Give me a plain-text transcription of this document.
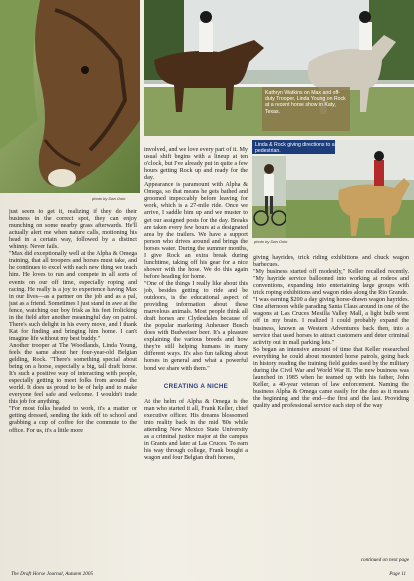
photo by Dan Ooio
Kathryn Watkins on Max and off-duty Trooper, Linda Young on Rock at a recent horse show in Katy, Texas.
Linda & Rock giving directions to a pedestrian.
photo by Dan Ooio

just seem to get it, realizing if they do their business in the correct spot, they can enjoy munching on some nearby grass afterwards. He'll actually alert me when nature calls, motioning his head in a certain way, followed by a distinct whinny. Never fails.
"Max did exceptionally well at the Alpha & Omega training, that all troopers and horses must take, and he continues to excel with each new thing we teach him. He loves to run and compete in all sorts of events on our off time, especially roping and racing. He really is a joy to experience having Max in our lives—as a partner on the job and as a pal, just as a friend. Sometimes I just stand in awe at the fence, watching our boy frisk as his feet frolicking in the field after another meaningful day on patrol. There's such delight in his every move, and I thank Kat for finding and bringing him home. I can't imagine life without my best buddy."
Another trooper at The Woodlands, Linda Young, feels the same about her four-year-old Belgian gelding, Rock. "There's something special about being on a horse, especially a big, tall draft horse. It's such a positive way of interacting with people, especially getting to meet folks from around the world. It does us proud to be of help and to make everyone feel safe and welcome. I wouldn't trade this job for anything.
"For most folks headed to work, it's a matter or getting dressed, sending the kids off to school and grabbing a cup of coffee for the commute to the office. For us, it's a little more

involved, and we love every part of it. My usual shift begins with a lineup at ten o'clock, but I've already put in quite a few hours getting Rock up and ready for the day.
Appearance is paramount with Alpha & Omega, so that means he gets bathed and groomed impeccably before leaving for work, which is a 27-mile ride. Once we arrive, I saddle him up and we muster to get our assigned posts for the day. Breaks are taken every few hours at a designated area by the trailers. We have a support person who drives around and brings the horses water. During the summer months, I give Rock an extra break during lunchtime, taking off his gear for a nice shower with the hose. We do this again before heading for home.
"One of the things I really like about this job, besides getting to ride and be outdoors, is the educational aspect of providing information about these marvelous animals. Most people think all draft horses are Clydesdales because of the popular marketing Anheuser Busch does with Budweiser beer. It's a pleasure explaining the various breeds and how they're still helping humans in many different ways. It's also fun talking about horses in general and what a powerful bond we share with them."

CREATING A NICHE

At the helm of Alpha & Omega is the man who started it all, Frank Keller, chief executive officer. His dreams blossomed into reality back in the mid '80s while attending New Mexico State University as a criminal justice major at the campus in Grants and later at Las Cruces. To earn his way through college, Frank bought a wagon and four Belgian draft horses,

giving hayrides, trick riding exhibitions and chuck wagon barbecues.
"My business started off modestly," Keller recalled recently. "My hayride service ballooned into working at rodeos and conventions, expanding into entertaining large groups with trick roping exhibitions and wagon rides along the Rio Grande.
"I was earning $200 a day giving horse-drawn wagon hayrides. One afternoon while parading Santa Claus around in one of the wagons at Las Cruces Mesilla Valley Mall, a light bulb went off in my brain. I realized I could probably expand the business, known as Western Adventures back then, into a service that used horses to attract customers and deter criminal activity out in mall parking lots."
So began an intensive amount of time that Keller researched everything he could about mounted horse patrols, going back in history reading the training field guides used by the military during the Civil War and World War II. The new business was launched in 1985 when he teamed up with his father, John Keller, a 40-year veteran of law enforcement. Naming the business Alpha & Omega came easily for the duo as it means the beginning and the end—the first and the last. Providing quality and professional service each step of the way

continued on next page
The Draft Horse Journal, Autumn 2005	Page 11
